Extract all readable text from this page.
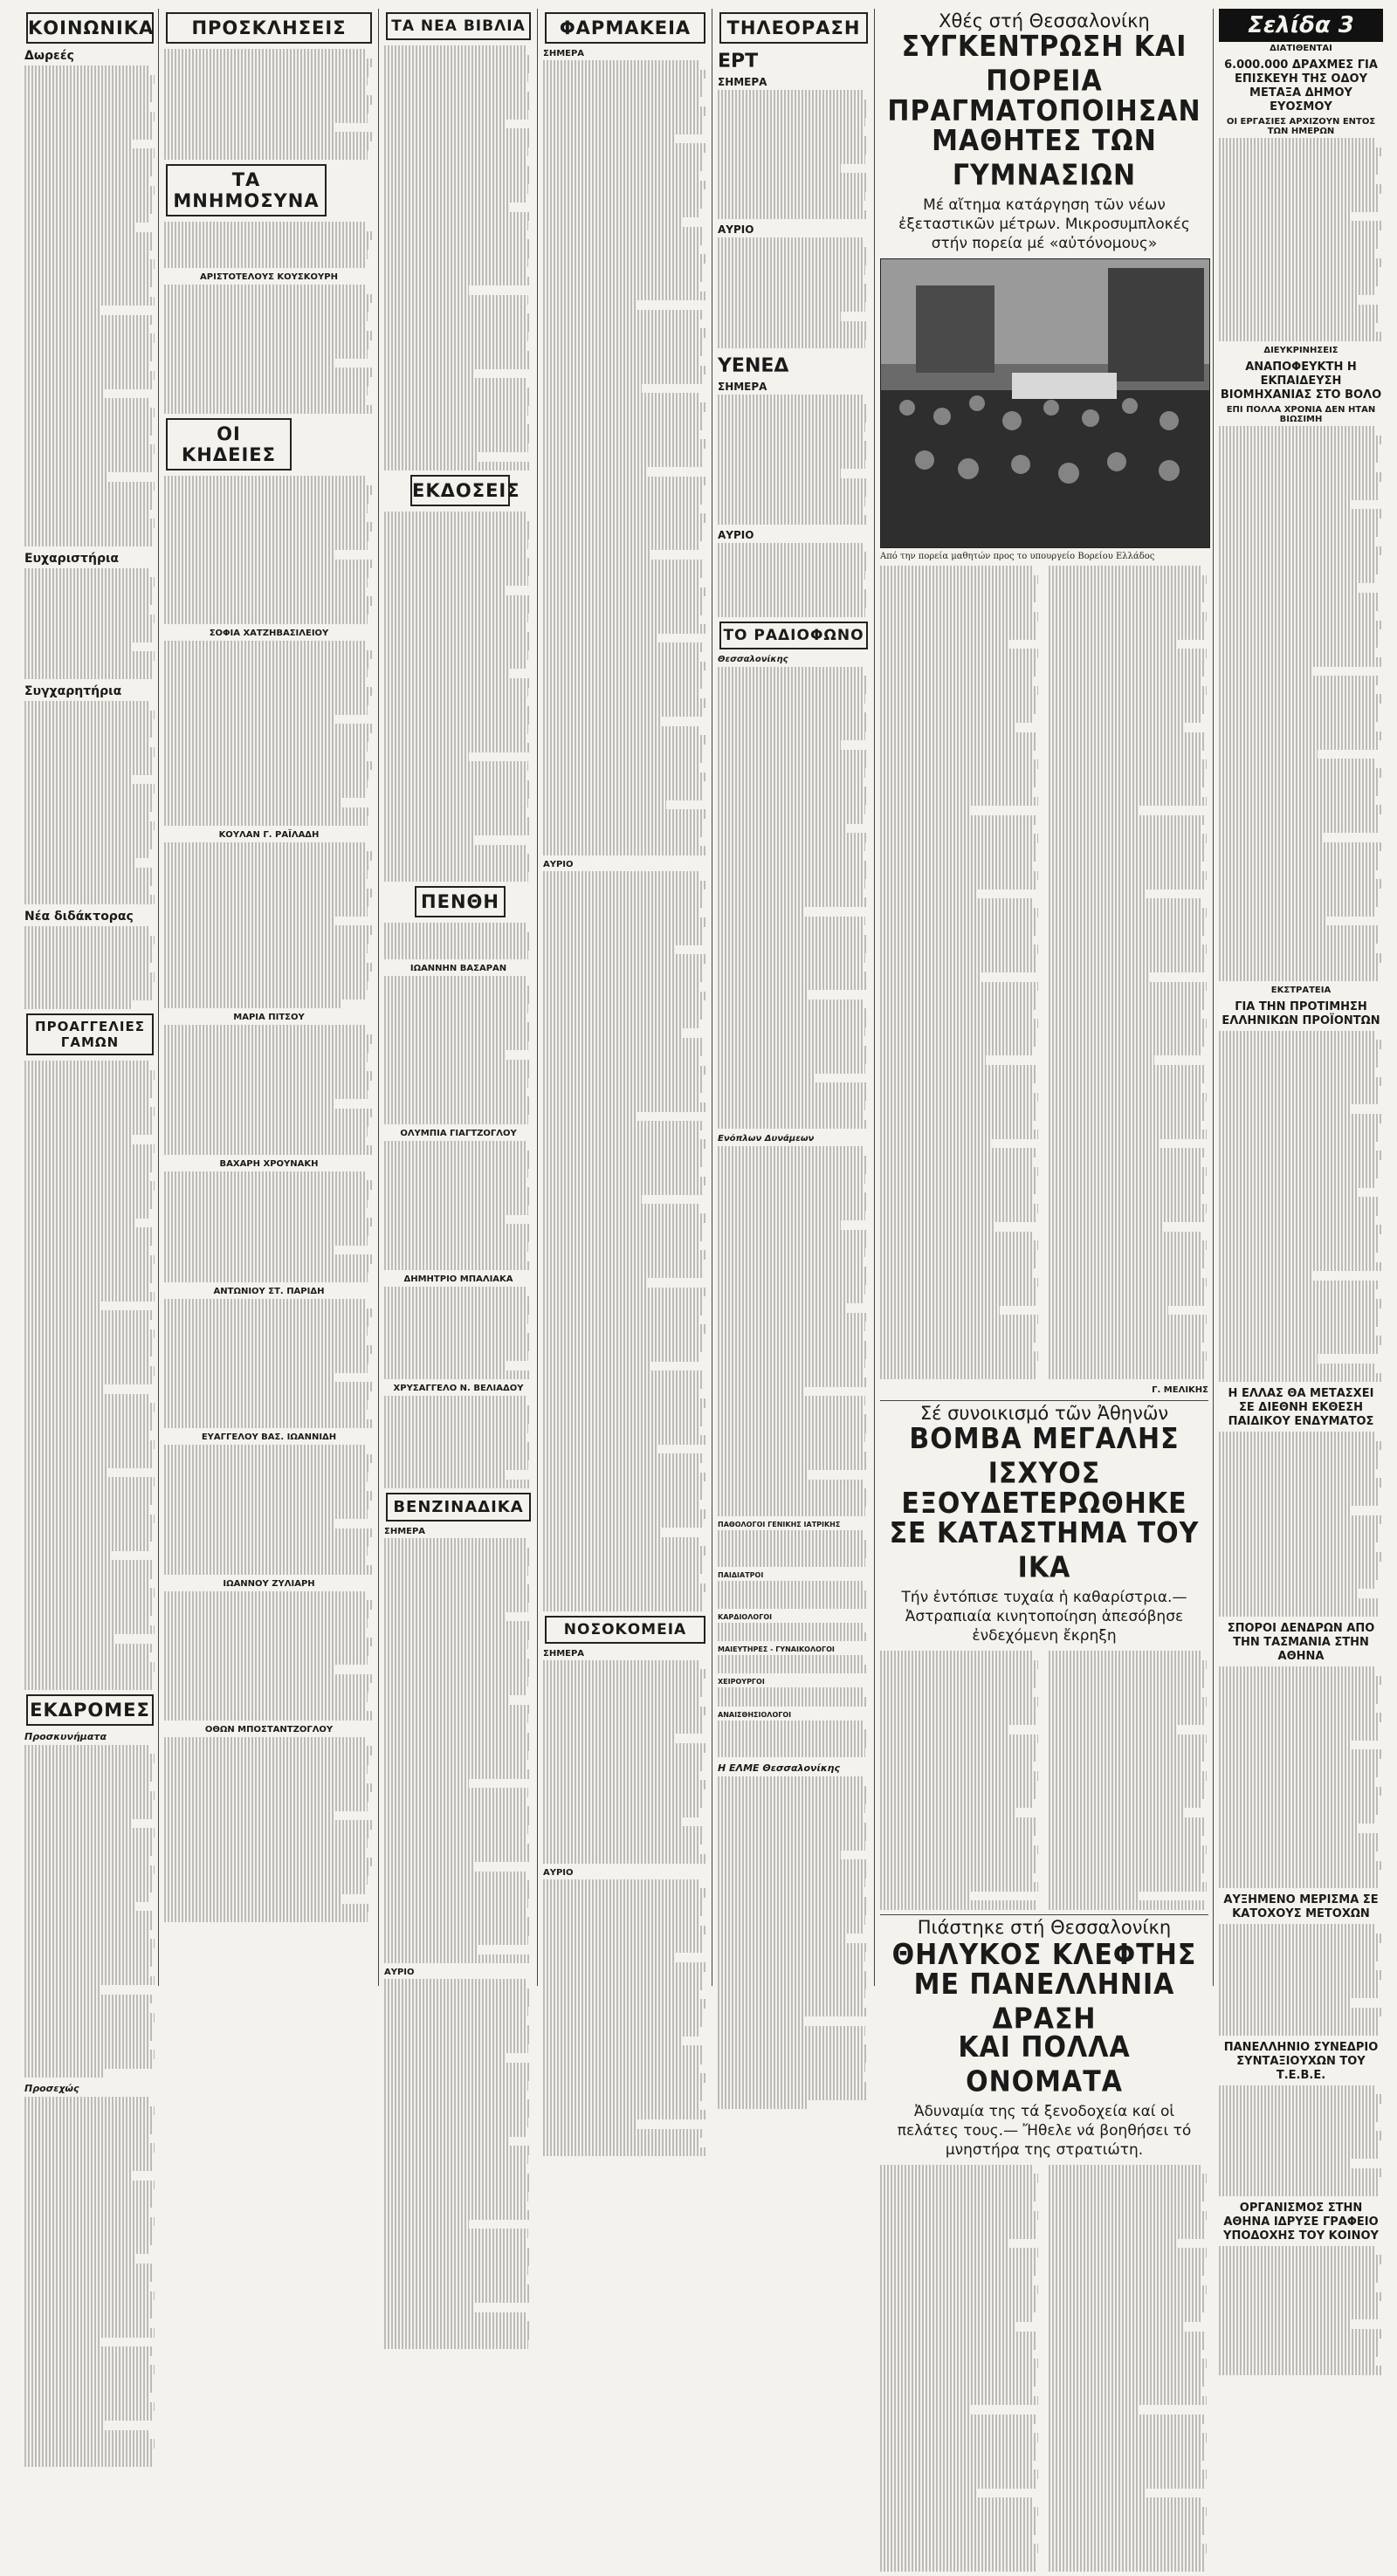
ΚΟΙΝΩΝΙΚΑ
Δωρεές
Ευχαριστήρια
Συγχαρητήρια
Νέα διδάκτορας
ΠΡΟΑΓΓΕΛΙΕΣ ΓΑΜΩΝ
ΕΚΔΡΟΜΕΣ
Προσκυνήματα
Προσεχώς
ΠΡΟΣΚΛΗΣΕΙΣ
ΤΑ ΜΝΗΜΟΣΥΝΑ
ΑΡΙΣΤΟΤΕΛΟΥΣ ΚΟΥΣΚΟΥΡΗ
ΟΙ ΚΗΔΕΙΕΣ
ΣΟΦΙΑ ΧΑΤΖΗΒΑΣΙΛΕΙΟΥ
ΚΟΥΛΑΝ Γ. ΡΑΪΛΑΔΗ
ΜΑΡΙΑ ΠΙΤΣΟΥ
ΒΑΧΑΡΗ ΧΡΟΥΝΑΚΗ
ΑΝΤΩΝΙΟΥ ΣΤ. ΠΑΡΙΔΗ
ΕΥΑΓΓΕΛΟΥ ΒΑΣ. ΙΩΑΝΝΙΔΗ
ΙΩΑΝΝΟΥ ΖΥΛΙΑΡΗ
ΟΘΩΝ ΜΠΟΣΤΑΝΤΖΟΓΛΟΥ
ΤΑ ΝΕΑ ΒΙΒΛΙΑ
ΕΚΔΟΣΕΙΣ
ΠΕΝΘΗ
ΙΩΑΝΝΗΝ ΒΑΣΑΡΑΝ
ΟΛΥΜΠΙΑ ΓΙΑΓΤΖΟΓΛΟΥ
ΔΗΜΗΤΡΙΟ ΜΠΑΛΙΑΚΑ
ΧΡΥΣΑΓΓΕΛΟ Ν. ΒΕΛΙΑΔΟΥ
ΒΕΝΖΙΝΑΔΙΚΑ
ΣΗΜΕΡΑ
ΑΥΡΙΟ
ΦΑΡΜΑΚΕΙΑ
ΣΗΜΕΡΑ
ΑΥΡΙΟ
ΝΟΣΟΚΟΜΕΙΑ
ΣΗΜΕΡΑ
ΑΥΡΙΟ
ΤΗΛΕΟΡΑΣΗ
ΕΡΤ
ΣΗΜΕΡΑ
ΑΥΡΙΟ
ΥΕΝΕΔ
ΣΗΜΕΡΑ
ΑΥΡΙΟ
ΤΟ ΡΑΔΙΟΦΩΝΟ
Θεσσαλονίκης
Ενόπλων Δυνάμεων
ΠΑΘΟΛΟΓΟΙ ΓΕΝΙΚΗΣ ΙΑΤΡΙΚΗΣ
ΠΑΙΔΙΑΤΡΟΙ
ΚΑΡΔΙΟΛΟΓΟΙ
ΜΑΙΕΥΤΗΡΕΣ - ΓΥΝΑΙΚΟΛΟΓΟΙ
ΧΕΙΡΟΥΡΓΟΙ
ΑΝΑΙΣΘΗΣΙΟΛΟΓΟΙ
Η ΕΛΜΕ Θεσσαλονίκης
Χθές στή Θεσσαλονίκη
ΣΥΓΚΕΝΤΡΩΣΗ ΚΑΙ ΠΟΡΕΙΑ
ΠΡΑΓΜΑΤΟΠΟΙΗΣΑΝ
ΜΑΘΗΤΕΣ ΤΩΝ ΓΥΜΝΑΣΙΩΝ
Μέ αἴτημα κατάργηση τῶν νέων ἐξεταστικῶν μέτρων. Μικροσυμπλοκές στήν πορεία μέ «αὐτόνομους»
Από την πορεία μαθητών προς το υπουργείο Βορείου Ελλάδος
Γ. ΜΕΛΙΚΗΣ
Σέ συνοικισμό τῶν Ἀθηνῶν
ΒΟΜΒΑ ΜΕΓΑΛΗΣ ΙΣΧΥΟΣ
ΕΞΟΥΔΕΤΕΡΩΘΗΚΕ
ΣΕ ΚΑΤΑΣΤΗΜΑ ΤΟΥ ΙΚΑ
Τήν ἐντόπισε τυχαία ἡ καθαρίστρια.— Ἀστραπιαία κινητοποίηση ἀπεσόβησε ἐνδεχόμενη ἔκρηξη
Πιάστηκε στή Θεσσαλονίκη
ΘΗΛΥΚΟΣ ΚΛΕΦΤΗΣ
ΜΕ ΠΑΝΕΛΛΗΝΙΑ ΔΡΑΣΗ
ΚΑΙ ΠΟΛΛΑ ΟΝΟΜΑΤΑ
Ἀδυναμία της τά ξενοδοχεία καί οἱ πελάτες τους.— Ἤθελε νά βοηθήσει τό μνηστήρα της στρατιώτη.
Σελίδα 3
ΔΙΑΤΙΘΕΝΤΑΙ
6.000.000 ΔΡΑΧΜΕΣ ΓΙΑ ΕΠΙΣΚΕΥΗ ΤΗΣ ΟΔΟΥ ΜΕΤΑΞΑ ΔΗΜΟΥ ΕΥΟΣΜΟΥ
ΟΙ ΕΡΓΑΣΙΕΣ ΑΡΧΙΖΟΥΝ ΕΝΤΟΣ ΤΩΝ ΗΜΕΡΩΝ
ΔΙΕΥΚΡΙΝΗΣΕΙΣ
ΑΝΑΠΟΦΕΥΚΤΗ Η ΕΚΠΑΙΔΕΥΣΗ ΒΙΟΜΗΧΑΝΙΑΣ ΣΤΟ ΒΟΛΟ
ΕΠΙ ΠΟΛΛΑ ΧΡΟΝΙΑ ΔΕΝ ΗΤΑΝ ΒΙΩΣΙΜΗ
ΕΚΣΤΡΑΤΕΙΑ
ΓΙΑ ΤΗΝ ΠΡΟΤΙΜΗΣΗ ΕΛΛΗΝΙΚΩΝ ΠΡΟΪΟΝΤΩΝ
Η ΕΛΛΑΣ ΘΑ ΜΕΤΑΣΧΕΙ ΣΕ ΔΙΕΘΝΗ ΕΚΘΕΣΗ ΠΑΙΔΙΚΟΥ ΕΝΔΥΜΑΤΟΣ
ΣΠΟΡΟΙ ΔΕΝΔΡΩΝ ΑΠΟ ΤΗΝ ΤΑΣΜΑΝΙΑ ΣΤΗΝ ΑΘΗΝΑ
ΑΥΞΗΜΕΝΟ ΜΕΡΙΣΜΑ ΣΕ ΚΑΤΟΧΟΥΣ ΜΕΤΟΧΩΝ
ΠΑΝΕΛΛΗΝΙΟ ΣΥΝΕΔΡΙΟ ΣΥΝΤΑΞΙΟΥΧΩΝ ΤΟΥ Τ.Ε.Β.Ε.
ΟΡΓΑΝΙΣΜΟΣ ΣΤΗΝ ΑΘΗΝΑ ΙΔΡΥΣΕ ΓΡΑΦΕΙΟ ΥΠΟΔΟΧΗΣ ΤΟΥ ΚΟΙΝΟΥ
